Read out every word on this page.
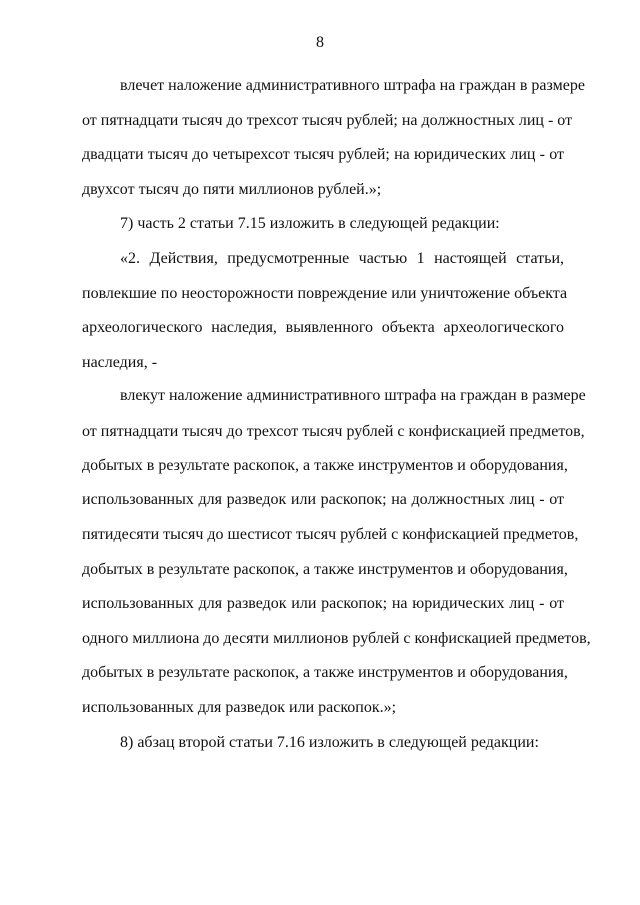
8
влечет наложение административного штрафа на граждан в размере
от пятнадцати тысяч до трехсот тысяч рублей; на должностных лиц - от
двадцати тысяч до четырехсот тысяч рублей; на юридических лиц - от
двухсот тысяч до пяти миллионов рублей.»;
7) часть 2 статьи 7.15 изложить в следующей редакции:
«2. Действия, предусмотренные частью 1 настоящей статьи,
повлекшие по неосторожности повреждение или уничтожение объекта
археологического наследия, выявленного объекта археологического
наследия, -
влекут наложение административного штрафа на граждан в размере
от пятнадцати тысяч до трехсот тысяч рублей с конфискацией предметов,
добытых в результате раскопок, а также инструментов и оборудования,
использованных для разведок или раскопок; на должностных лиц - от
пятидесяти тысяч до шестисот тысяч рублей с конфискацией предметов,
добытых в результате раскопок, а также инструментов и оборудования,
использованных для разведок или раскопок; на юридических лиц - от
одного миллиона до десяти миллионов рублей с конфискацией предметов,
добытых в результате раскопок, а также инструментов и оборудования,
использованных для разведок или раскопок.»;
8) абзац второй статьи 7.16 изложить в следующей редакции:
